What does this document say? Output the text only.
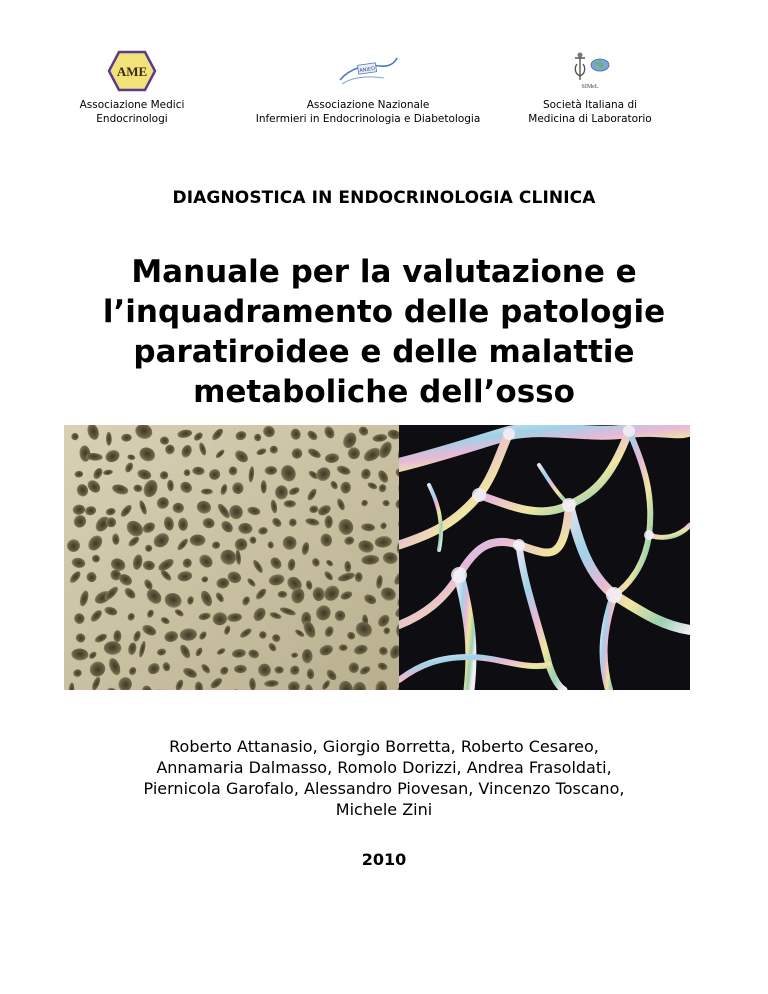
AME
Associazione Medici
Endocrinologi
ANIED
Associazione Nazionale
Infermieri in Endocrinologia e Diabetologia
SIMeL
Società Italiana di
Medicina di Laboratorio
DIAGNOSTICA IN ENDOCRINOLOGIA CLINICA
Manuale per la valutazione e
l’inquadramento delle patologie
paratiroidee e delle malattie
metaboliche dell’osso
Roberto Attanasio, Giorgio Borretta, Roberto Cesareo,
Annamaria Dalmasso, Romolo Dorizzi, Andrea Frasoldati,
Piernicola Garofalo, Alessandro Piovesan, Vincenzo Toscano,
Michele Zini
2010
